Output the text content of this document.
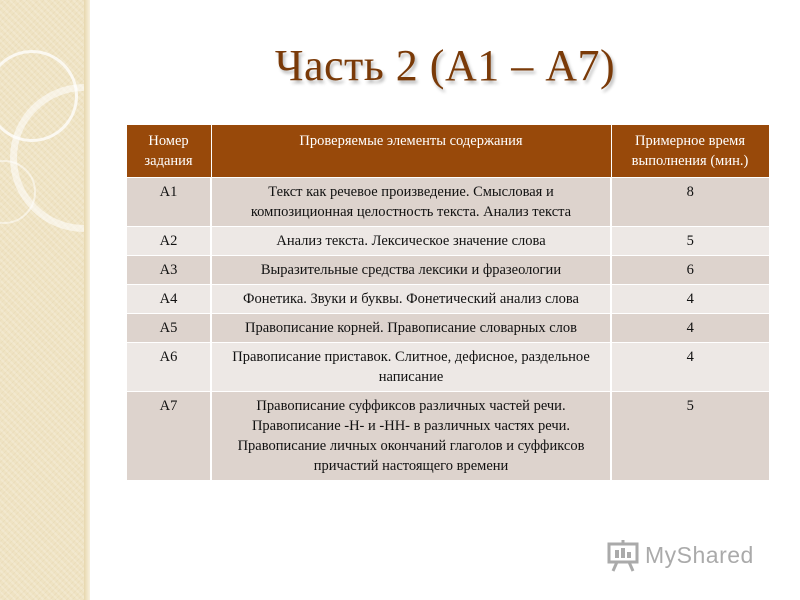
Часть 2 (А1 – А7)
Номер задания	Проверяемые элементы содержания	Примерное время выполнения (мин.)
А1	Текст как речевое произведение. Смысловая и композиционная целостность текста. Анализ текста	8
А2	Анализ текста. Лексическое значение слова	5
А3	Выразительные средства лексики и фразеологии	6
А4	Фонетика. Звуки и буквы. Фонетический анализ слова	4
А5	Правописание корней. Правописание словарных слов	4
А6	Правописание приставок. Слитное, дефисное, раздельное написание	4
А7	Правописание суффиксов различных частей речи. Правописание -Н- и -НН- в различных частях речи. Правописание личных окончаний глаголов и суффиксов причастий настоящего времени	5
MyShared
